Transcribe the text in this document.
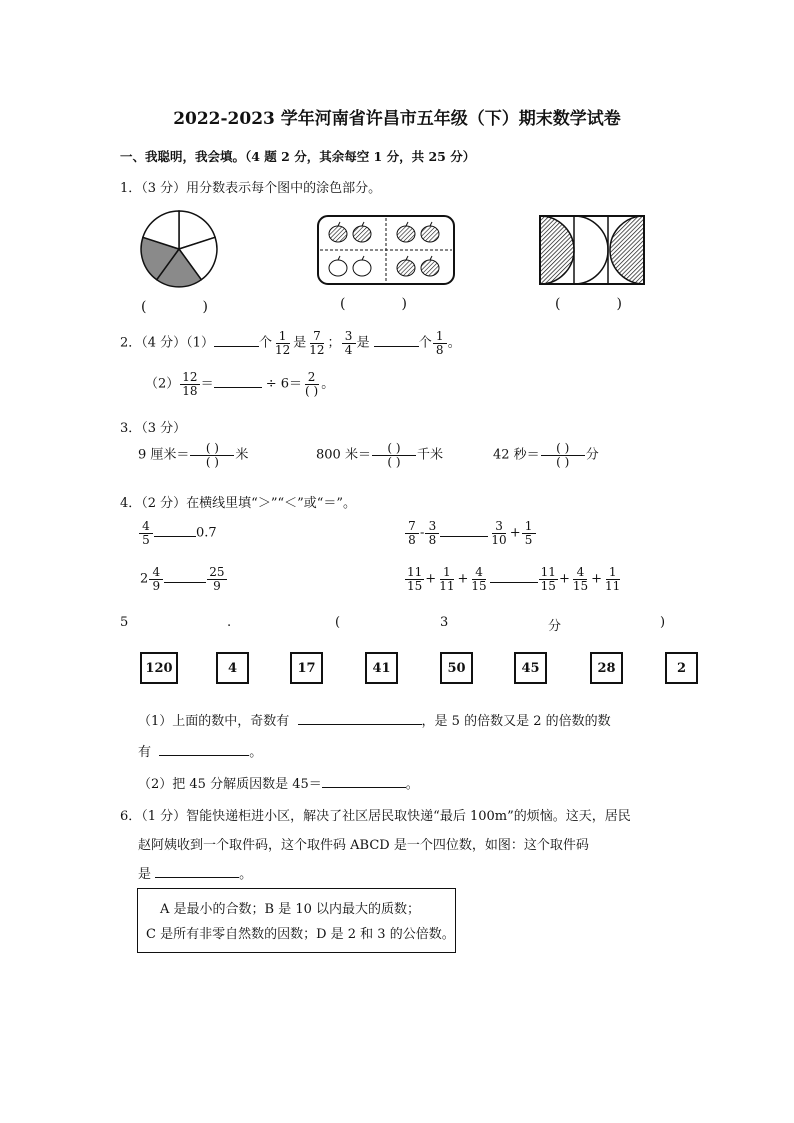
2022-2023 学年河南省许昌市五年级（下）期末数学试卷
一、我聪明，我会填。（4 题 2 分，其余每空 1 分，共 25 分）
1．（3 分）用分数表示每个图中的涂色部分。
(　　　　)	(　　　　)	(　　　　)
2．（4 分）（1）	个 $\frac{1}{12}$ 是 $\frac{7}{12}$ ； $\frac{3}{4}$ 是	个 $\frac{1}{8}$ 。
$(2) \frac{12}{18}$ ＝	÷ $6= \frac{2}{( )}$ 。
3．（3 分）
9 厘米＝ $\frac{( )}{( )}$ 米	800 米＝ $\frac{( )}{( )}$ 千米	42 秒＝ $\frac{( )}{( )}$ 分
4．（2 分）在横线里填“＞”“＜”或“＝”。
$\frac{4}{5}$	0.7	$\frac{7}{8} - \frac{3}{8}$	$\frac{3}{10} + \frac{1}{5}$
$2 \frac{4}{9}$	$\frac{25}{9}$	$\frac{11}{15} + \frac{1}{11} + \frac{4}{15}$	$\frac{11}{15} + \frac{4}{15} + \frac{1}{11}$
5	.	(	3	分	)
120	4	17	41	50	45	28	2
（1）上面的数中，奇数有	，是 5 的倍数又是 2 的倍数的数
有	。
（2）把 45 分解质因数是 45＝	。
6．（1 分）智能快递柜进小区，解决了社区居民取快递“最后 100m”的烦恼。这天，居民
赵阿姨收到一个取件码，这个取件码 ABCD 是一个四位数，如图：这个取件码
是	。
A 是最小的合数；B 是 10 以内最大的质数；
C 是所有非零自然数的因数；D 是 2 和 3 的公倍数。
